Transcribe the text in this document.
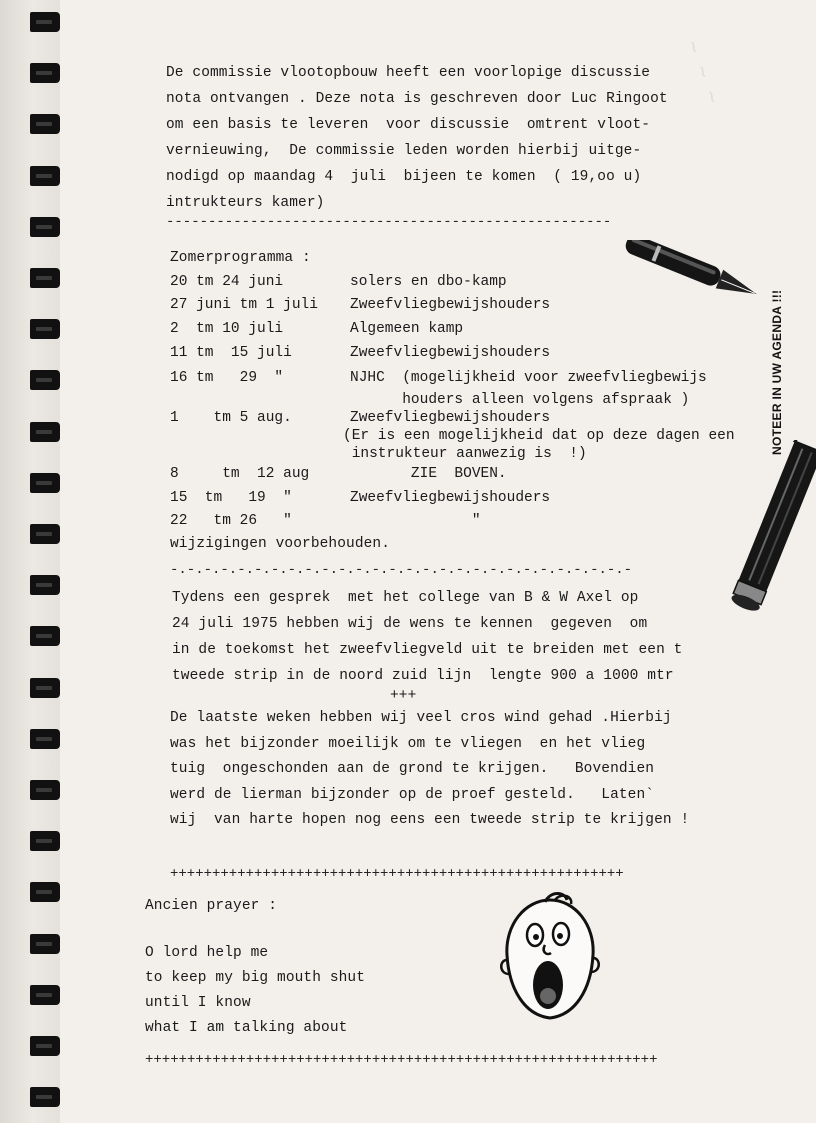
~ ~ ~
De commissie vlootopbouw heeft een voorlopige discussie
nota ontvangen . Deze nota is geschreven door Luc Ringoot
om een basis te leveren  voor discussie  omtrent vloot-
vernieuwing,  De commissie leden worden hierbij uitge-
nodigd op maandag 4  juli  bijeen te komen  ( 19,oo u)
intrukteurs kamer)
-----------------------------------------------------
Zomerprogramma :
20 tm 24 juni	solers en dbo-kamp
27 juni tm 1 juli Zweefvliegbewijshouders
2  tm 10 juli	Algemeen kamp
11 tm  15 juli	Zweefvliegbewijshouders
16 tm   29  "	NJHC  (mogelijkheid voor zweefvliegbewijs
houders alleen volgens afspraak )
1    tm 5 aug.	Zweefvliegbewijshouders
(Er is een mogelijkheid dat op deze dagen een
instrukteur aanwezig is  !)
8     tm  12 aug	ZIE  BOVEN.
15  tm   19  "	Zweefvliegbewijshouders
22   tm 26   "	"
wijzigingen voorbehouden.
-.-.-.-.-.-.-.-.-.-.-.-.-.-.-.-.-.-.-.-.-.-.-.-.-.-.-.-
Tydens een gesprek  met het college van B & W Axel op
24 juli 1975 hebben wij de wens te kennen  gegeven  om
in de toekomst het zweefvliegveld uit te breiden met een t
tweede strip in de noord zuid lijn  lengte 900 a 1000 mtr
+++
De laatste weken hebben wij veel cros wind gehad .Hierbij
was het bijzonder moeilijk om te vliegen  en het vlieg
tuig  ongeschonden aan de grond te krijgen.   Bovendien
werd de lierman bijzonder op de proef gesteld.   Laten`
wij  van harte hopen nog eens een tweede strip te krijgen !
++++++++++++++++++++++++++++++++++++++++++++++++++++++
Ancien prayer :
O lord help me
to keep my big mouth shut
until I know
what I am talking about
+++++++++++++++++++++++++++++++++++++++++++++++++++++++++++++
NOTEER IN UW AGENDA !!!
